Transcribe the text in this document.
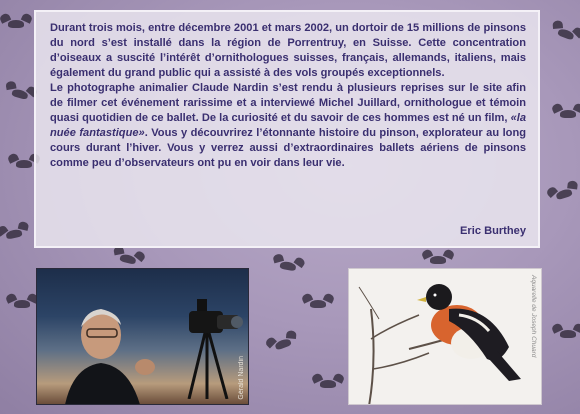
Durant trois mois, entre décembre 2001 et mars 2002, un dortoir de 15 millions de pinsons du nord s’est installé dans la région de Porrentruy, en Suisse. Cette concentration d’oiseaux a suscité l’intérêt d’ornithologues suisses, français, allemands, italiens, mais également du grand public qui a assisté à des vols groupés exceptionnels.

Le photographe animalier Claude Nardin s’est rendu à plusieurs reprises sur le site afin de filmer cet événement rarissime et a interviewé Michel Juillard, ornithologue et témoin quasi quotidien de ce ballet. De la curiosité et du savoir de ces hommes est né un film, «la nuée fantastique». Vous y découvrirez l’étonnante histoire du pinson, explorateur au long cours durant l’hiver. Vous y verrez aussi d’extraordinaires ballets aériens de pinsons comme peu d’observateurs ont pu en voir dans leur vie.

Eric Burthey
Gérald Nardin
Aquarelle de Joseph Chuard
